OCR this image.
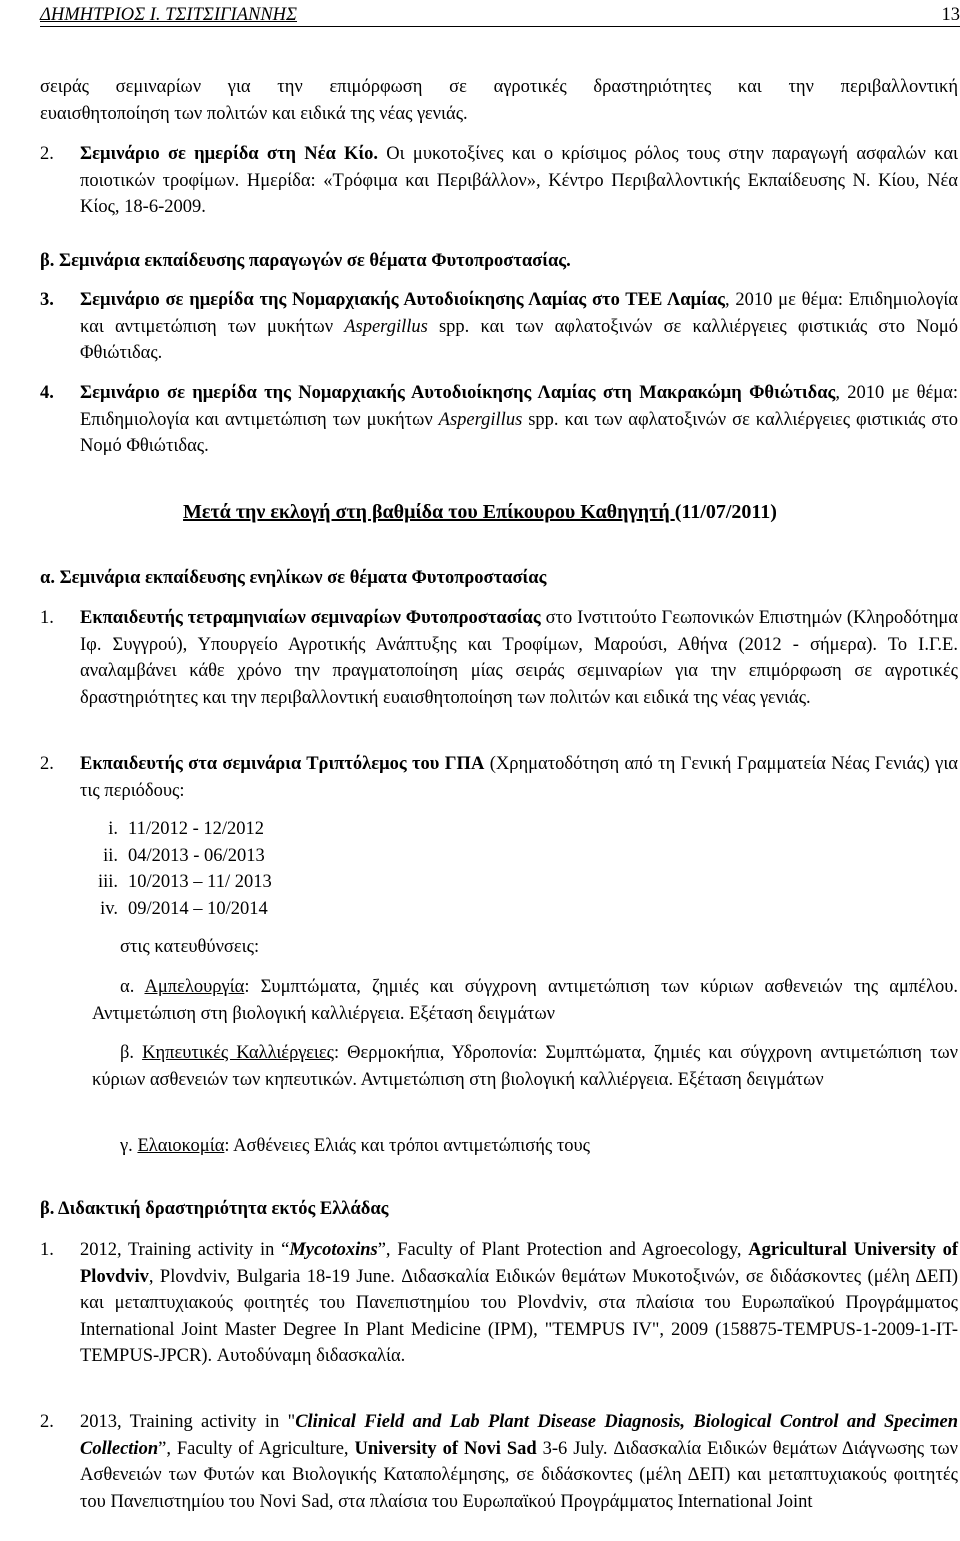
ΔΗΜΗΤΡΙΟΣ Ι. ΤΣΙΤΣΙΓΙΑΝΝΗΣ	13

σειράς σεμιναρίων για την επιμόρφωση σε αγροτικές δραστηριότητες και την περιβαλλοντική

ευαισθητοποίηση των πολιτών και ειδικά της νέας γενιάς.

2. Σεμινάριο σε ημερίδα στη Νέα Κίο. Οι μυκοτοξίνες και ο κρίσιμος ρόλος τους στην παραγωγή ασφαλών και ποιοτικών τροφίμων. Ημερίδα: «Τρόφιμα και Περιβάλλον», Κέντρο Περιβαλλοντικής Εκπαίδευσης Ν. Κίου, Νέα Κίος, 18-6-2009.

β. Σεμινάρια εκπαίδευσης παραγωγών σε θέματα Φυτοπροστασίας.

3. Σεμινάριο σε ημερίδα της Νομαρχιακής Αυτοδιοίκησης Λαμίας στο ΤΕΕ Λαμίας, 2010 με θέμα: Επιδημιολογία και αντιμετώπιση των μυκήτων Aspergillus spp. και των αφλατοξινών σε καλλιέργειες φιστικιάς στο Νομό Φθιώτιδας.

4. Σεμινάριο σε ημερίδα της Νομαρχιακής Αυτοδιοίκησης Λαμίας στη Μακρακώμη Φθιώτιδας, 2010 με θέμα: Επιδημιολογία και αντιμετώπιση των μυκήτων Aspergillus spp. και των αφλατοξινών σε καλλιέργειες φιστικιάς στο Νομό Φθιώτιδας.

Μετά την εκλογή στη βαθμίδα του Επίκουρου Καθηγητή (11/07/2011)

α. Σεμινάρια εκπαίδευσης ενηλίκων σε θέματα Φυτοπροστασίας

1. Εκπαιδευτής τετραμηνιαίων σεμιναρίων Φυτοπροστασίας στο Ινστιτούτο Γεωπονικών Επιστημών (Κληροδότημα Ιφ. Συγγρού), Υπουργείο Αγροτικής Ανάπτυξης και Τροφίμων, Μαρούσι, Αθήνα (2012 - σήμερα). Το Ι.Γ.Ε. αναλαμβάνει κάθε χρόνο την πραγματοποίηση μίας σειράς σεμιναρίων για την επιμόρφωση σε αγροτικές δραστηριότητες και την περιβαλλοντική ευαισθητοποίηση των πολιτών και ειδικά της νέας γενιάς.

2. Εκπαιδευτής στα σεμινάρια Τριπτόλεμος του ΓΠΑ (Χρηματοδότηση από τη Γενική Γραμματεία Νέας Γενιάς) για τις περιόδους:

i. 11/2012 - 12/2012
ii. 04/2013 - 06/2013
iii. 10/2013 – 11/ 2013
iv. 09/2014 – 10/2014

στις κατευθύνσεις:

α. Αμπελουργία: Συμπτώματα, ζημιές και σύγχρονη αντιμετώπιση των κύριων ασθενειών της αμπέλου. Αντιμετώπιση στη βιολογική καλλιέργεια. Εξέταση δειγμάτων

β. Κηπευτικές Καλλιέργειες: Θερμοκήπια, Υδροπονία: Συμπτώματα, ζημιές και σύγχρονη αντιμετώπιση των κύριων ασθενειών των κηπευτικών. Αντιμετώπιση στη βιολογική καλλιέργεια. Εξέταση δειγμάτων

γ. Ελαιοκομία: Ασθένειες Ελιάς και τρόποι αντιμετώπισής τους

β. Διδακτική δραστηριότητα εκτός Ελλάδας

1. 2012, Training activity in “Mycotoxins”, Faculty of Plant Protection and Agroecology, Agricultural University of Plovdviv, Plovdviv, Bulgaria 18-19 June. Διδασκαλία Ειδικών θεμάτων Μυκοτοξινών, σε διδάσκοντες (μέλη ΔΕΠ) και μεταπτυχιακούς φοιτητές του Πανεπιστημίου του Plovdviv, στα πλαίσια του Ευρωπαϊκού Προγράμματος International Joint Master Degree In Plant Medicine (IPM), "TEMPUS IV", 2009 (158875-TEMPUS-1-2009-1-IT-TEMPUS-JPCR). Αυτοδύναμη διδασκαλία.

2. 2013, Training activity in "Clinical Field and Lab Plant Disease Diagnosis, Biological Control and Specimen Collection”, Faculty of Agriculture, University of Novi Sad 3-6 July. Διδασκαλία Ειδικών θεμάτων Διάγνωσης των Ασθενειών των Φυτών και Βιολογικής Καταπολέμησης, σε διδάσκοντες (μέλη ΔΕΠ) και μεταπτυχιακούς φοιτητές του Πανεπιστημίου του Novi Sad, στα πλαίσια του Ευρωπαϊκού Προγράμματος International Joint
